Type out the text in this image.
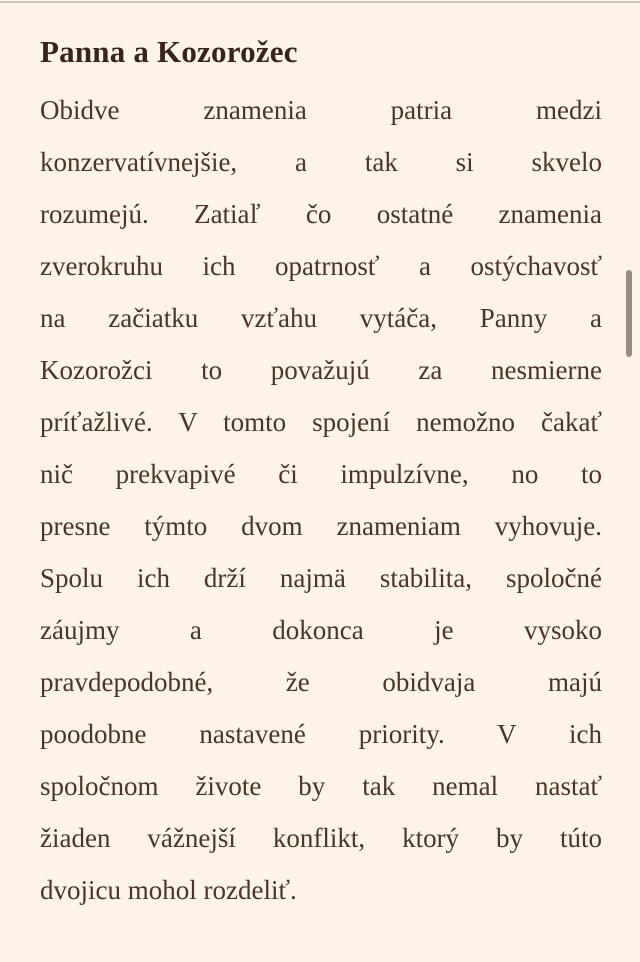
Panna a Kozorožec
Obidve znamenia patria medzi
konzervatívnejšie, a tak si skvelo
rozumejú. Zatiaľ čo ostatné znamenia
zverokruhu ich opatrnosť a ostýchavosť
na začiatku vzťahu vytáča, Panny a
Kozorožci to považujú za nesmierne
príťažlivé. V tomto spojení nemožno čakať
nič prekvapivé či impulzívne, no to
presne týmto dvom znameniam vyhovuje.
Spolu ich drží najmä stabilita, spoločné
záujmy a dokonca je vysoko
pravdepodobné, že obidvaja majú
poodobne nastavené priority. V ich
spoločnom živote by tak nemal nastať
žiaden vážnejší konflikt, ktorý by túto
dvojicu mohol rozdeliť.
